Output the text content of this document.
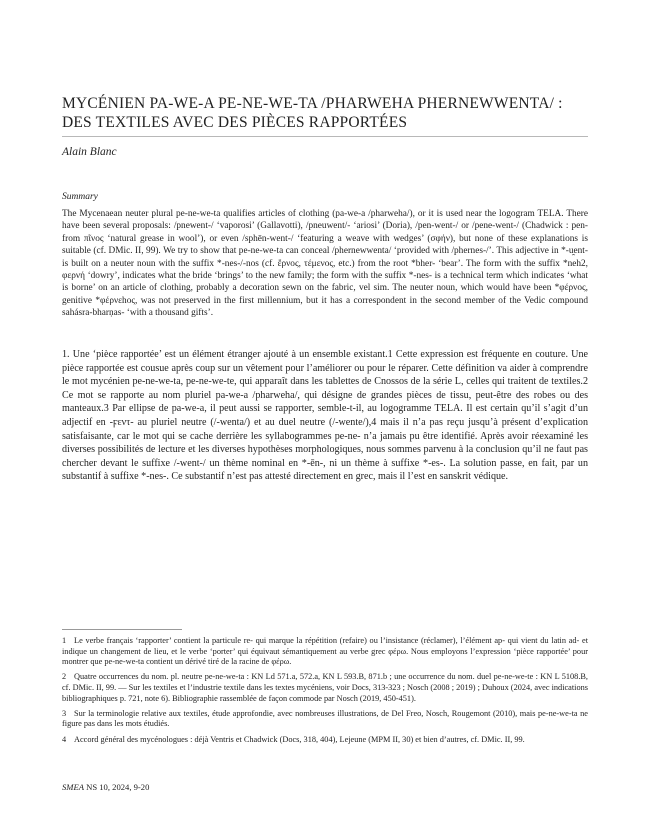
MYCÉNIEN PA-WE-A PE-NE-WE-TA /PHARWEHA PHERNEWWENTA/ :
DES TEXTILES AVEC DES PIÈCES RAPPORTÉES
Alain Blanc
Summary

The Mycenaean neuter plural pe-ne-we-ta qualifies articles of clothing (pa-we-a /pharweha/), or it is used near the logogram TELA. There have been several proposals: /pnewent-/ ‘vaporosi’ (Gallavotti), /pneuwent/- ‘ariosi’ (Doria), /pen-went-/ or /pene-went-/ (Chadwick : pen- from πῖνος ‘natural grease in wool’), or even /sphēn-went-/ ‘featuring a weave with wedges’ (σφήν), but none of these explanations is suitable (cf. DMic. II, 99). We try to show that pe-ne-we-ta can conceal /phernewwenta/ ‘provided with /phernes-/’. This adjective in *-u̯ent- is built on a neuter noun with the suffix *-nes-/-nos (cf. ἔρνος, τέμενος, etc.) from the root *bher- ‘bear’. The form with the suffix *neh2, φερνή ‘dowry’, indicates what the bride ‘brings’ to the new family; the form with the suffix *-nes- is a technical term which indicates ‘what is borne’ on an article of clothing, probably a decoration sewn on the fabric, vel sim. The neuter noun, which would have been *φέρνος, genitive *φέρνεhος, was not preserved in the first millennium, but it has a correspondent in the second member of the Vedic compound sahásra-bharṇas- ‘with a thousand gifts’.

1. Une ‘pièce rapportée’ est un élément étranger ajouté à un ensemble existant.1 Cette expression est fréquente en couture. Une pièce rapportée est cousue après coup sur un vêtement pour l’améliorer ou pour le réparer. Cette définition va aider à comprendre le mot mycénien pe-ne-we-ta, pe-ne-we-te, qui apparaît dans les tablettes de Cnossos de la série L, celles qui traitent de textiles.2 Ce mot se rapporte au nom pluriel pa-we-a /pharweha/, qui désigne de grandes pièces de tissu, peut-être des robes ou des manteaux.3 Par ellipse de pa-we-a, il peut aussi se rapporter, semble-t-il, au logogramme TELA. Il est certain qu’il s’agit d’un adjectif en -ϝεντ- au pluriel neutre (/-wenta/) et au duel neutre (/-wente/),4 mais il n’a pas reçu jusqu’à présent d’explication satisfaisante, car le mot qui se cache derrière les syllabogrammes pe-ne- n’a jamais pu être identifié. Après avoir réexaminé les diverses possibilités de lecture et les diverses hypothèses morphologiques, nous sommes parvenu à la conclusion qu’il ne faut pas chercher devant le suffixe /-went-/ un thème nominal en *-ēn-, ni un thème à suffixe *-es-. La solution passe, en fait, par un substantif à suffixe *-nes-. Ce substantif n’est pas attesté directement en grec, mais il l’est en sanskrit védique.

1 Le verbe français ‘rapporter’ contient la particule re- qui marque la répétition (refaire) ou l’insistance (réclamer), l’élément ap- qui vient du latin ad- et indique un changement de lieu, et le verbe ‘porter’ qui équivaut sémantiquement au verbe grec φέρω. Nous employons l’expression ‘pièce rapportée’ pour montrer que pe-ne-we-ta contient un dérivé tiré de la racine de φέρω.

2 Quatre occurrences du nom. pl. neutre pe-ne-we-ta : KN Ld 571.a, 572.a, KN L 593.B, 871.b ; une occurrence du nom. duel pe-ne-we-te : KN L 5108.B, cf. DMic. II, 99. — Sur les textiles et l’industrie textile dans les textes mycéniens, voir Docs, 313-323 ; Nosch (2008 ; 2019) ; Duhoux (2024, avec indications bibliographiques p. 721, note 6). Bibliographie rassemblée de façon commode par Nosch (2019, 450-451).

3 Sur la terminologie relative aux textiles, étude approfondie, avec nombreuses illustrations, de Del Freo, Nosch, Rougemont (2010), mais pe-ne-we-ta ne figure pas dans les mots étudiés.

4 Accord général des mycénologues : déjà Ventris et Chadwick (Docs, 318, 404), Lejeune (MPM II, 30) et bien d’autres, cf. DMic. II, 99.

SMEA NS 10, 2024, 9-20
